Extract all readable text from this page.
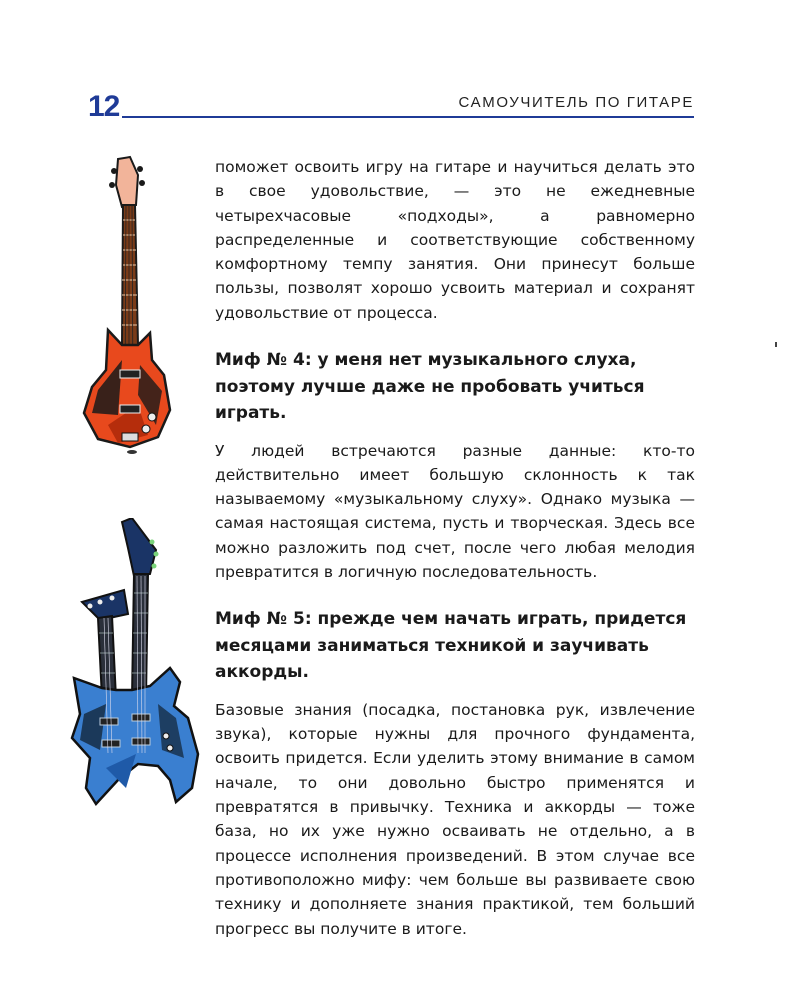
12	САМОУЧИТЕЛЬ ПО ГИТАРЕ

поможет освоить игру на гитаре и научиться делать это в свое удовольствие, — это не ежедневные четырехчасовые «подходы», а равномерно распределенные и соответствующие собственному комфортному темпу занятия. Они принесут больше пользы, позволят хорошо усвоить материал и сохранят удовольствие от процесса.

Миф № 4: у меня нет музыкального слуха, поэтому лучше даже не пробовать учиться играть.

У людей встречаются разные данные: кто-то действительно имеет большую склонность к так называемому «музыкальному слуху». Однако музыка — самая настоящая система, пусть и творческая. Здесь все можно разложить под счет, после чего любая мелодия превратится в логичную последовательность.

Миф № 5: прежде чем начать играть, придется месяцами заниматься техникой и заучивать аккорды.

Базовые знания (посадка, постановка рук, извлечение звука), которые нужны для прочного фундамента, освоить придется. Если уделить этому внимание в самом начале, то они довольно быстро применятся и превратятся в привычку. Техника и аккорды — тоже база, но их уже нужно осваивать не отдельно, а в процессе исполнения произведений. В этом случае все противоположно мифу: чем больше вы развиваете свою технику и дополняете знания практикой, тем больший прогресс вы получите в итоге.
